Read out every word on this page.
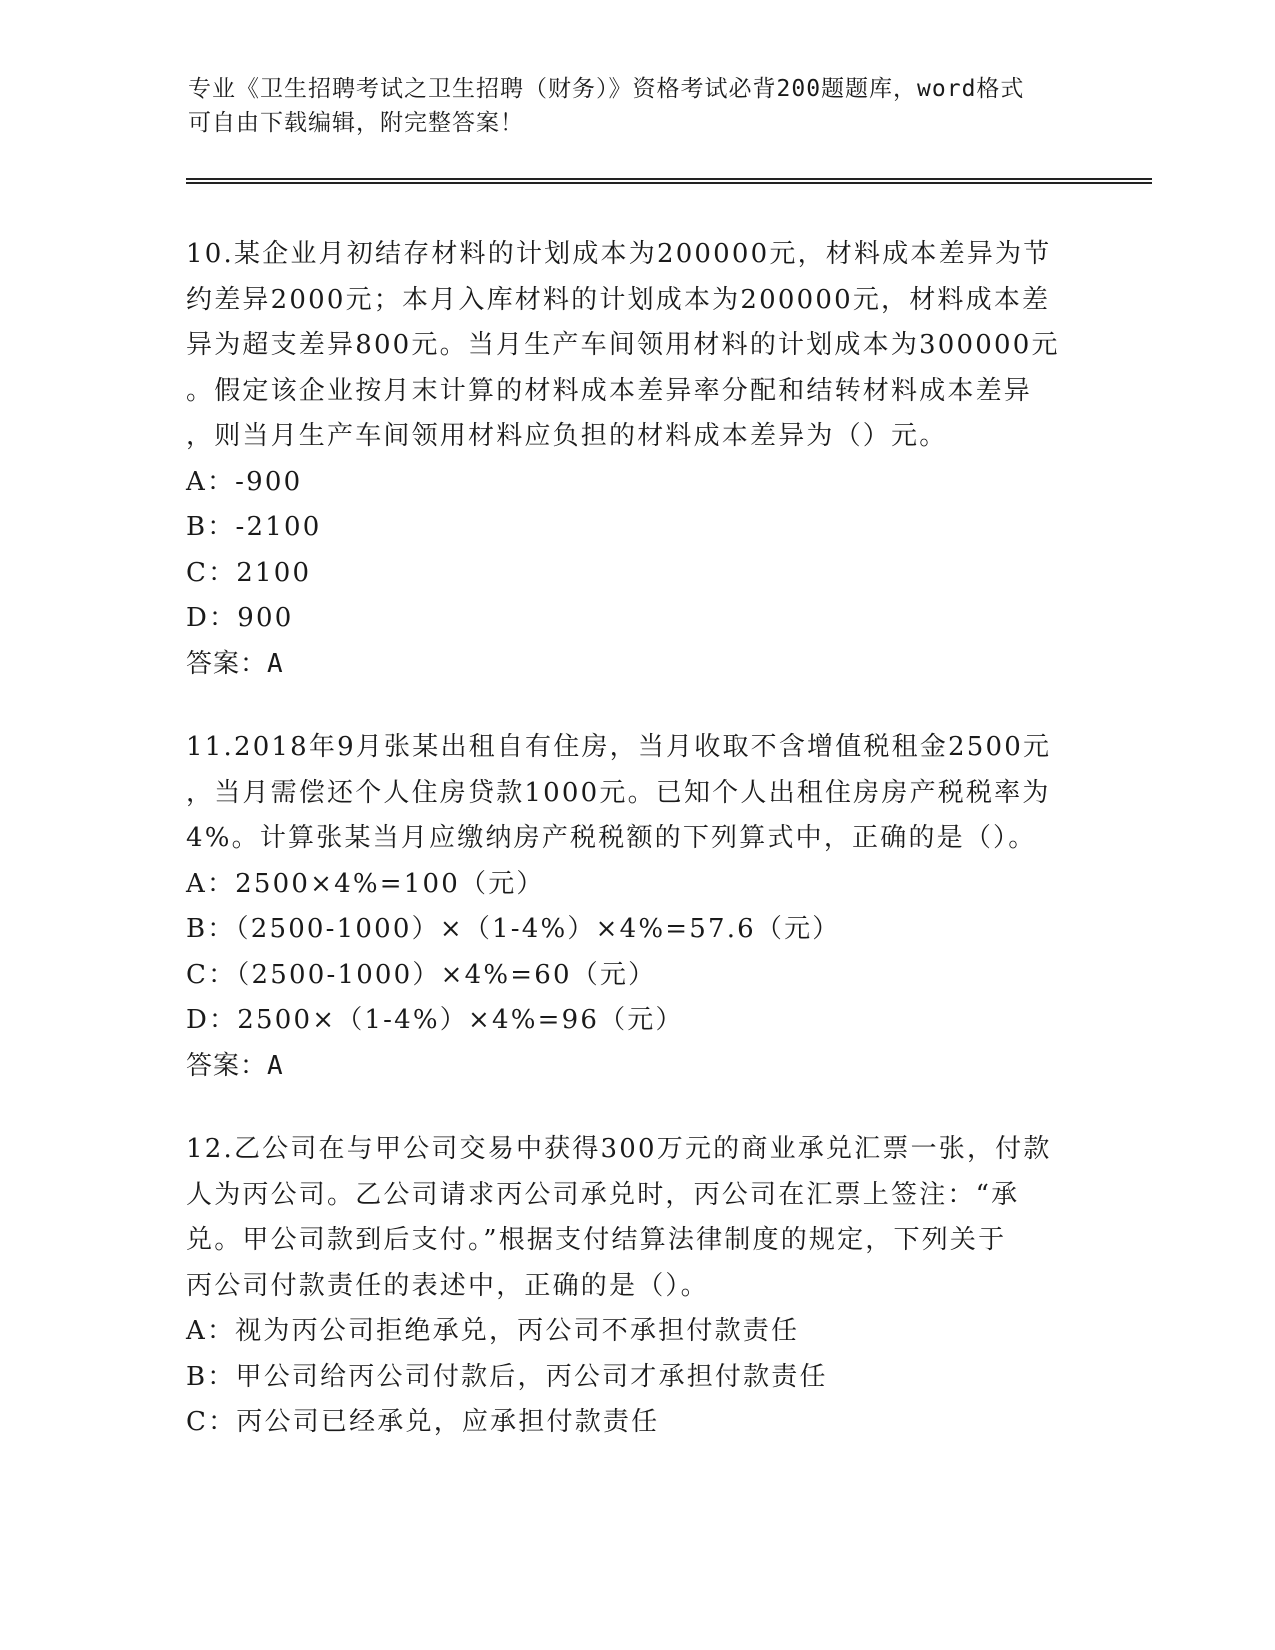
专业《卫生招聘考试之卫生招聘（财务）》资格考试必背200题题库，word格式
可自由下载编辑，附完整答案！
10.某企业月初结存材料的计划成本为200000元，材料成本差异为节
约差异2000元；本月入库材料的计划成本为200000元，材料成本差
异为超支差异800元。当月生产车间领用材料的计划成本为300000元
。假定该企业按月末计算的材料成本差异率分配和结转材料成本差异
，则当月生产车间领用材料应负担的材料成本差异为（）元。
A：-900
B：-2100
C：2100
D：900
答案：A
11.2018年9月张某出租自有住房，当月收取不含增值税租金2500元
，当月需偿还个人住房贷款1000元。已知个人出租住房房产税税率为
4%。计算张某当月应缴纳房产税税额的下列算式中，正确的是（）。
A：2500×4%=100（元）
B：（2500-1000）×（1-4%）×4%=57.6（元）
C：（2500-1000）×4%=60（元）
D：2500×（1-4%）×4%=96（元）
答案：A
12.乙公司在与甲公司交易中获得300万元的商业承兑汇票一张，付款
人为丙公司。乙公司请求丙公司承兑时，丙公司在汇票上签注：“承
兑。甲公司款到后支付。”根据支付结算法律制度的规定，下列关于
丙公司付款责任的表述中，正确的是（）。
A：视为丙公司拒绝承兑，丙公司不承担付款责任
B：甲公司给丙公司付款后，丙公司才承担付款责任
C：丙公司已经承兑，应承担付款责任
